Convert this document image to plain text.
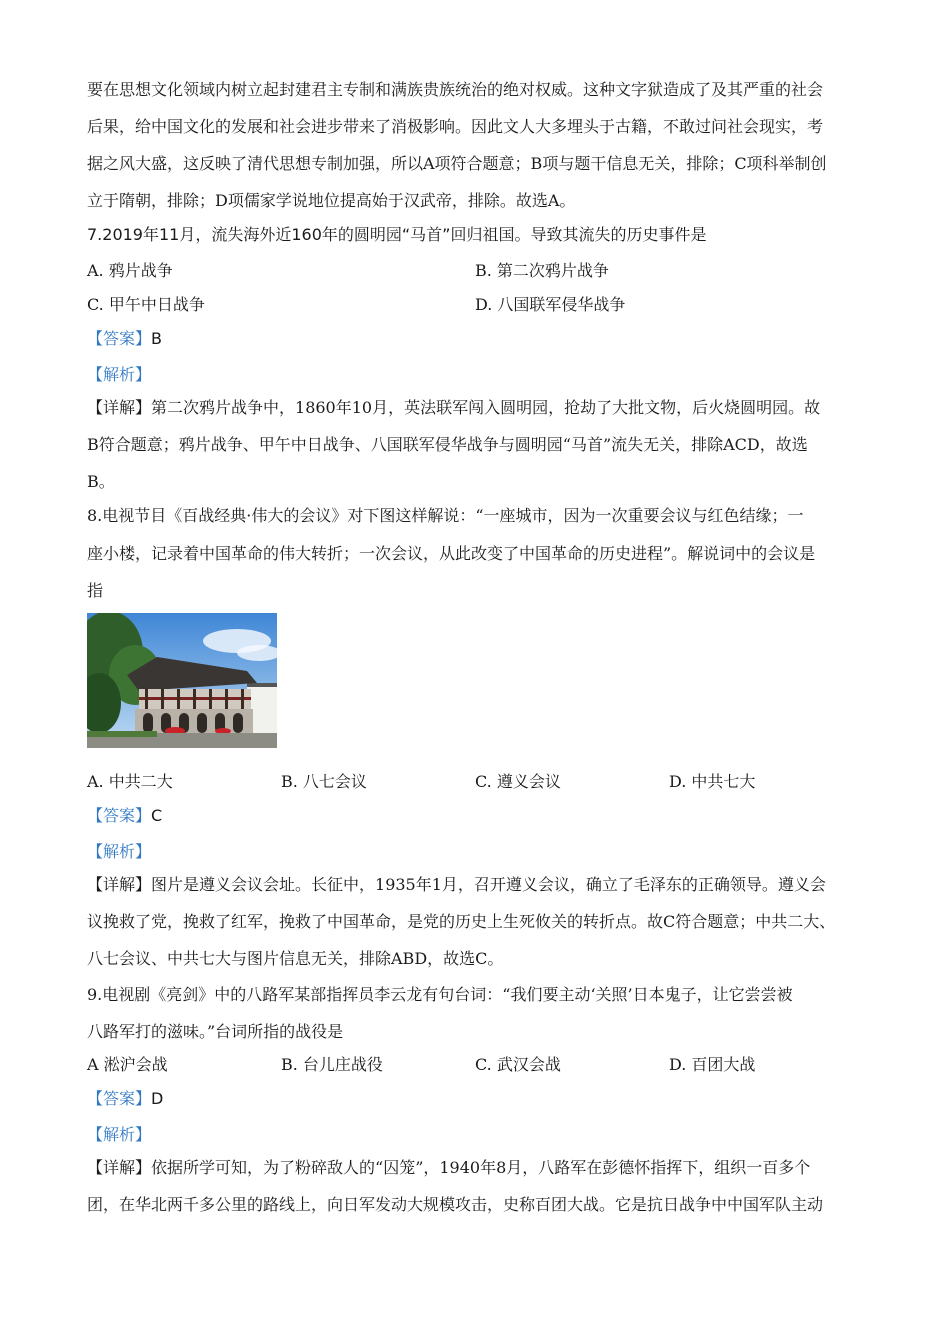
要在思想文化领域内树立起封建君主专制和满族贵族统治的绝对权威。这种文字狱造成了及其严重的社会
后果，给中国文化的发展和社会进步带来了消极影响。因此文人大多埋头于古籍，不敢过问社会现实，考
据之风大盛，这反映了清代思想专制加强，所以A项符合题意；B项与题干信息无关，排除；C项科举制创
立于隋朝，排除；D项儒家学说地位提高始于汉武帝，排除。故选A。
7.2019年11月，流失海外近160年的圆明园“马首”回归祖国。导致其流失的历史事件是
A. 鸦片战争	B. 第二次鸦片战争
C. 甲午中日战争	D. 八国联军侵华战争
【答案】B
【解析】
【详解】第二次鸦片战争中，1860年10月，英法联军闯入圆明园，抢劫了大批文物，后火烧圆明园。故
B符合题意；鸦片战争、甲午中日战争、八国联军侵华战争与圆明园“马首”流失无关，排除ACD，故选
B。
8.电视节目《百战经典·伟大的会议》对下图这样解说：“一座城市，因为一次重要会议与红色结缘；一
座小楼，记录着中国革命的伟大转折；一次会议，从此改变了中国革命的历史进程”。解说词中的会议是
指
A. 中共二大	B. 八七会议	C. 遵义会议	D. 中共七大
【答案】C
【解析】
【详解】图片是遵义会议会址。长征中，1935年1月，召开遵义会议，确立了毛泽东的正确领导。遵义会
议挽救了党，挽救了红军，挽救了中国革命，是党的历史上生死攸关的转折点。故C符合题意；中共二大、
八七会议、中共七大与图片信息无关，排除ABD，故选C。
9.电视剧《亮剑》中的八路军某部指挥员李云龙有句台词：“我们要主动‘关照’日本鬼子，让它尝尝被
八路军打的滋味。”台词所指的战役是
A 淞沪会战	B. 台儿庄战役	C. 武汉会战	D. 百团大战
【答案】D
【解析】
【详解】依据所学可知，为了粉碎敌人的“囚笼”，1940年8月，八路军在彭德怀指挥下，组织一百多个
团，在华北两千多公里的路线上，向日军发动大规模攻击，史称百团大战。它是抗日战争中中国军队主动
